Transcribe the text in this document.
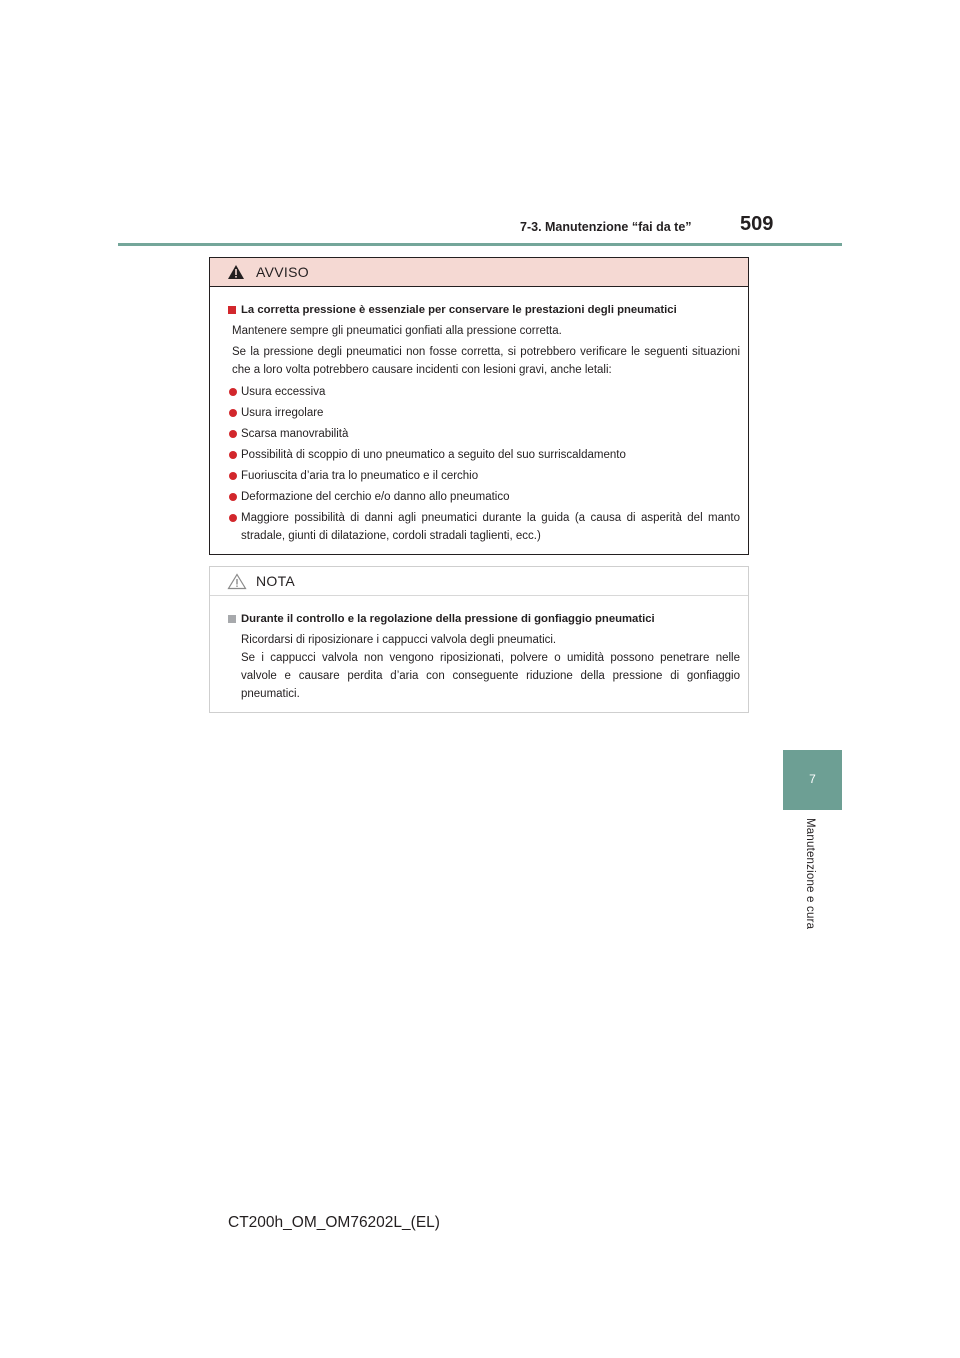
7-3. Manutenzione “fai da te” 509
7
Manutenzione e cura
AVVISO
La corretta pressione è essenziale per conservare le prestazioni degli pneumatici
Mantenere sempre gli pneumatici gonfiati alla pressione corretta.
Se la pressione degli pneumatici non fosse corretta, si potrebbero verificare le seguenti situazioni che a loro volta potrebbero causare incidenti con lesioni gravi, anche letali:
Usura eccessiva
Usura irregolare
Scarsa manovrabilità
Possibilità di scoppio di uno pneumatico a seguito del suo surriscaldamento
Fuoriuscita d’aria tra lo pneumatico e il cerchio
Deformazione del cerchio e/o danno allo pneumatico
Maggiore possibilità di danni agli pneumatici durante la guida (a causa di asperità del manto stradale, giunti di dilatazione, cordoli stradali taglienti, ecc.)
NOTA
Durante il controllo e la regolazione della pressione di gonfiaggio pneumatici
Ricordarsi di riposizionare i cappucci valvola degli pneumatici.
Se i cappucci valvola non vengono riposizionati, polvere o umidità possono penetrare nelle valvole e causare perdita d’aria con conseguente riduzione della pressione di gonfiaggio pneumatici.
CT200h_OM_OM76202L_(EL)
